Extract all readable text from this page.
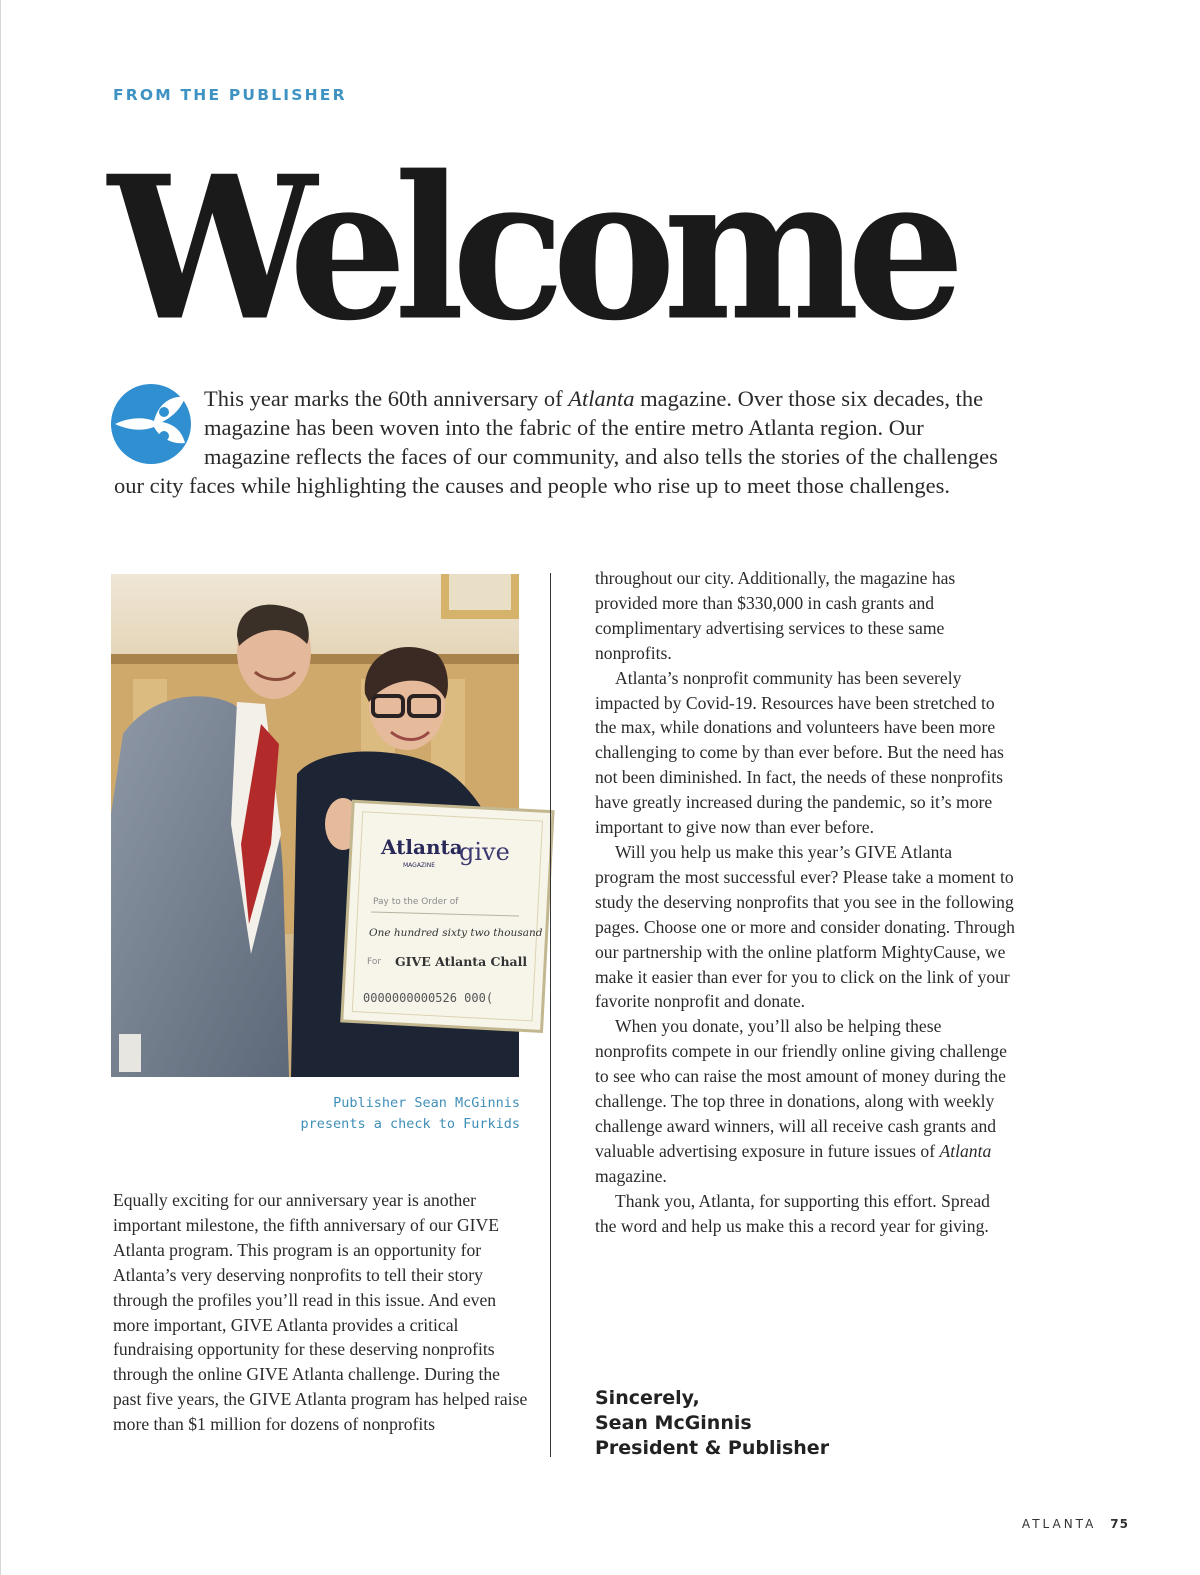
FROM THE PUBLISHER
Welcome

This year marks the 60th anniversary of Atlanta magazine. Over those six decades, the magazine has been woven into the fabric of the entire metro Atlanta region. Our magazine reflects the faces of our community, and also tells the stories of the challenges our city faces while highlighting the causes and people who rise up to meet those challenges.

Atlanta
MAGAZINE give
Pay to the Order of
One hundred sixty two thousand
For GIVE Atlanta Chall
0000000000526 000(

Publisher Sean McGinnis
presents a check to Furkids

Equally exciting for our anniversary year is another important milestone, the fifth anniversary of our GIVE Atlanta program. This program is an opportunity for Atlanta’s very deserving nonprofits to tell their story through the profiles you’ll read in this issue. And even more important, GIVE Atlanta provides a critical fundraising opportunity for these deserving nonprofits through the online GIVE Atlanta challenge. During the past five years, the GIVE Atlanta program has helped raise more than $1 million for dozens of nonprofits

throughout our city. Additionally, the magazine has provided more than $330,000 in cash grants and complimentary advertising services to these same nonprofits.

Atlanta’s nonprofit community has been severely impacted by Covid-19. Resources have been stretched to the max, while donations and volunteers have been more challenging to come by than ever before. But the need has not been diminished. In fact, the needs of these nonprofits have greatly increased during the pandemic, so it’s more important to give now than ever before.

Will you help us make this year’s GIVE Atlanta program the most successful ever? Please take a moment to study the deserving nonprofits that you see in the following pages. Choose one or more and consider donating. Through our partnership with the online platform MightyCause, we make it easier than ever for you to click on the link of your favorite nonprofit and donate.

When you donate, you’ll also be helping these nonprofits compete in our friendly online giving challenge to see who can raise the most amount of money during the challenge. The top three in donations, along with weekly challenge award winners, will all receive cash grants and valuable advertising exposure in future issues of Atlanta magazine.

Thank you, Atlanta, for supporting this effort. Spread the word and help us make this a record year for giving.

Sincerely,
Sean McGinnis
President & Publisher

ATLANTA 75
